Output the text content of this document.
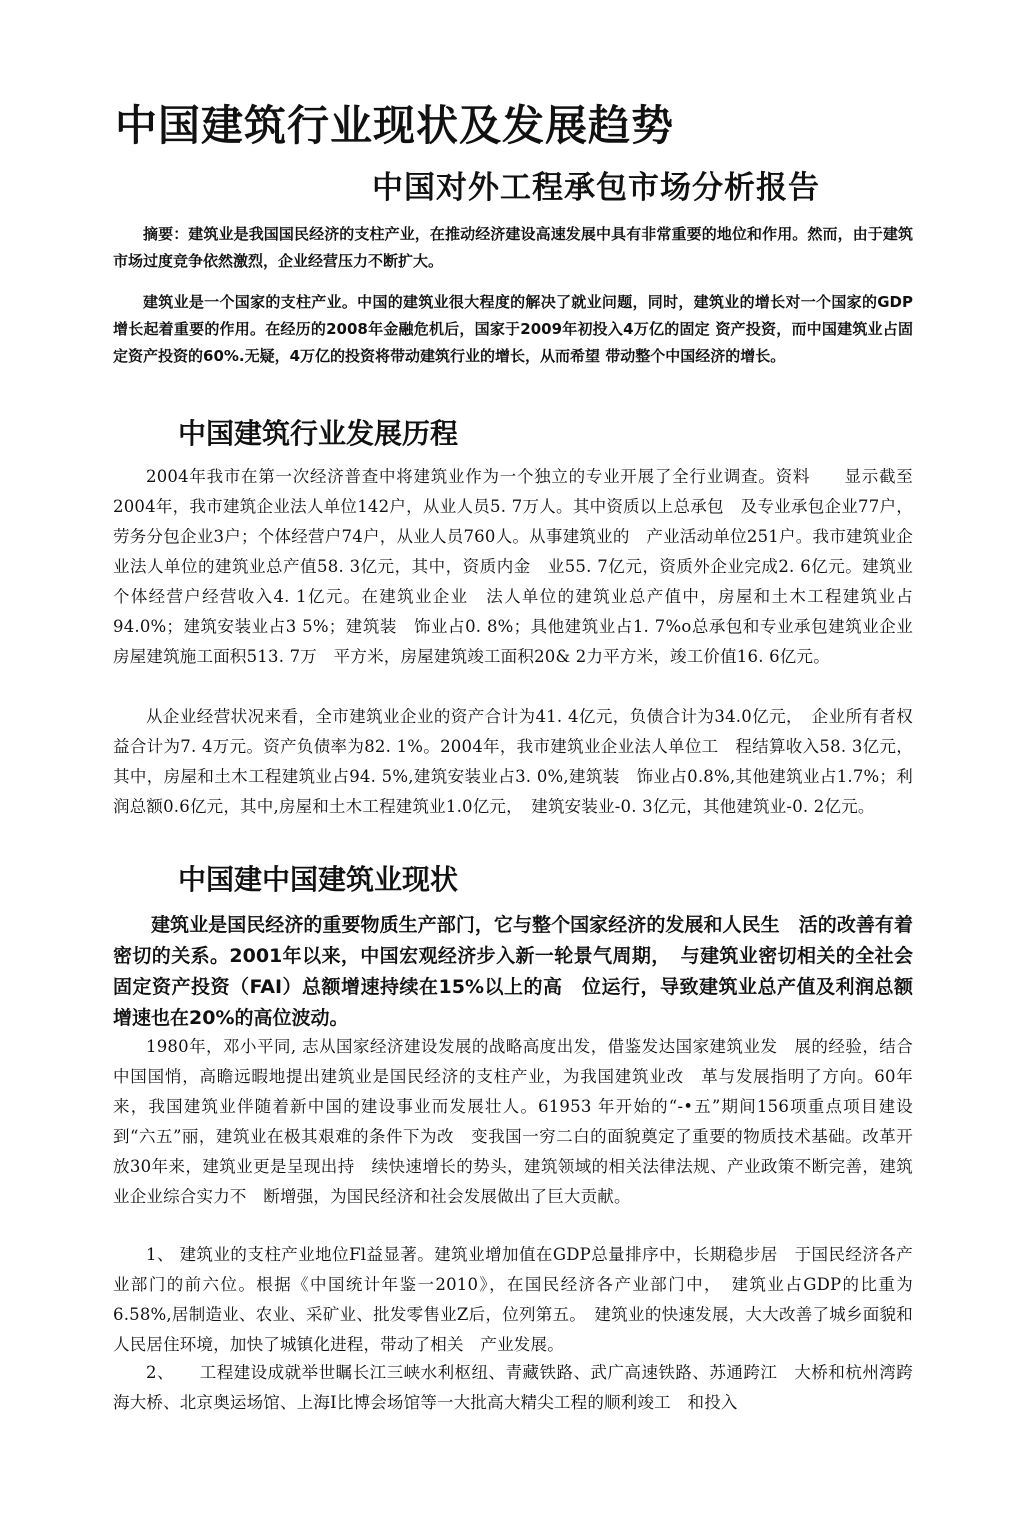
中国建筑行业现状及发展趋势
中国对外工程承包市场分析报告

摘要：建筑业是我国国民经济的支柱产业，在推动经济建设高速发展中具有非常重要的地位和作用。然而，由于建筑市场过度竞争依然激烈，企业经营压力不断扩大。

建筑业是一个国家的支柱产业。中国的建筑业很大程度的解决了就业问题，同时，建筑业的增长对一个国家的GDP增长起着重要的作用。在经历的2008年金融危机后，国家于2009年初投入4万亿的固定 资产投资，而中国建筑业占固定资产投资的60%.无疑，4万亿的投资将带动建筑行业的增长，从而希望 带动整个中国经济的增长。

中国建筑行业发展历程

2004年我市在第一次经济普查中将建筑业作为一个独立的专业开展了全行业调查。资料　　显示截至2004年，我市建筑企业法人单位142户，从业人员5. 7万人。其中资质以上总承包　及专业承包企业77户，劳务分包企业3户；个体经营户74户，从业人员760人。从事建筑业的　产业活动单位251户。我市建筑业企业法人单位的建筑业总产值58. 3亿元，其中，资质内金　业55. 7亿元，资质外企业完成2. 6亿元。建筑业个体经营户经营收入4. 1亿元。在建筑业企业　法人单位的建筑业总产值中，房屋和土木工程建筑业占94.0%；建筑安装业占3 5%；建筑装　饰业占0. 8%；具他建筑业占1. 7%o总承包和专业承包建筑业企业房屋建筑施工面积513. 7万　平方米，房屋建筑竣工面积20& 2力平方米，竣工价值16. 6亿元。

从企业经营状况来看，全市建筑业企业的资产合计为41. 4亿元，负债合计为34.0亿元，　企业所有者权益合计为7. 4万元。资产负债率为82. 1%。2004年，我市建筑业企业法人单位工　程结算收入58. 3亿元，其中，房屋和土木工程建筑业占94. 5%,建筑安装业占3. 0%,建筑装　饰业占0.8%,其他建筑业占1.7%；利润总额0.6亿元，其中,房屋和土木工程建筑业1.0亿元，　建筑安装业-0. 3亿元，其他建筑业-0. 2亿元。

中国建中国建筑业现状

建筑业是国民经济的重要物质生产部门，它与整个国家经济的发展和人民生　活的改善有着密切的关系。2001年以来，中国宏观经济步入新一轮景气周期，　与建筑业密切相关的全社会固定资产投资（FAI）总额增速持续在15%以上的高　位运行，导致建筑业总产值及利润总额增速也在20%的高位波动。

1980年，邓小平同, 志从国家经济建设发展的战略高度出发，借鉴发达国家建筑业发　展的经验，结合中国国悄，高瞻远暇地提出建筑业是国民经济的支柱产业，为我国建筑业改　革与发展指明了方向。60年来，我国建筑业伴随着新中国的建设事业而发展壮人。61953 年开始的“-•五”期间156项重点项目建设到“六五”丽，建筑业在极其艰难的条件下为改　变我国一穷二白的面貌奠定了重要的物质技术基础。改革开放30年来，建筑业更是呈现出持　续快速增长的势头，建筑领域的相关法律法规、产业政策不断完善，建筑业企业综合实力不　断增强，为国民经济和社会发展做出了巨大贡献。

1、 建筑业的支柱产业地位Fl益显著。建筑业增加值在GDP总量排序中，长期稳步居　于国民经济各产业部门的前六位。根据《中国统计年鉴一2010》，在国民经济各产业部门中，　建筑业占GDP的比重为6.58%,居制造业、农业、采矿业、批发零售业Z后，位列第五。　建筑业的快速发展，大大改善了城乡面貌和人民居住环境，加快了城镇化进程，带动了相关　产业发展。

2、　　工程建设成就举世瞩长江三峡水利枢纽、青藏铁路、武广高速铁路、苏通跨江　大桥和杭州湾跨海大桥、北京奥运场馆、上海I比博会场馆等一大批高大精尖工程的顺利竣工　和投入
